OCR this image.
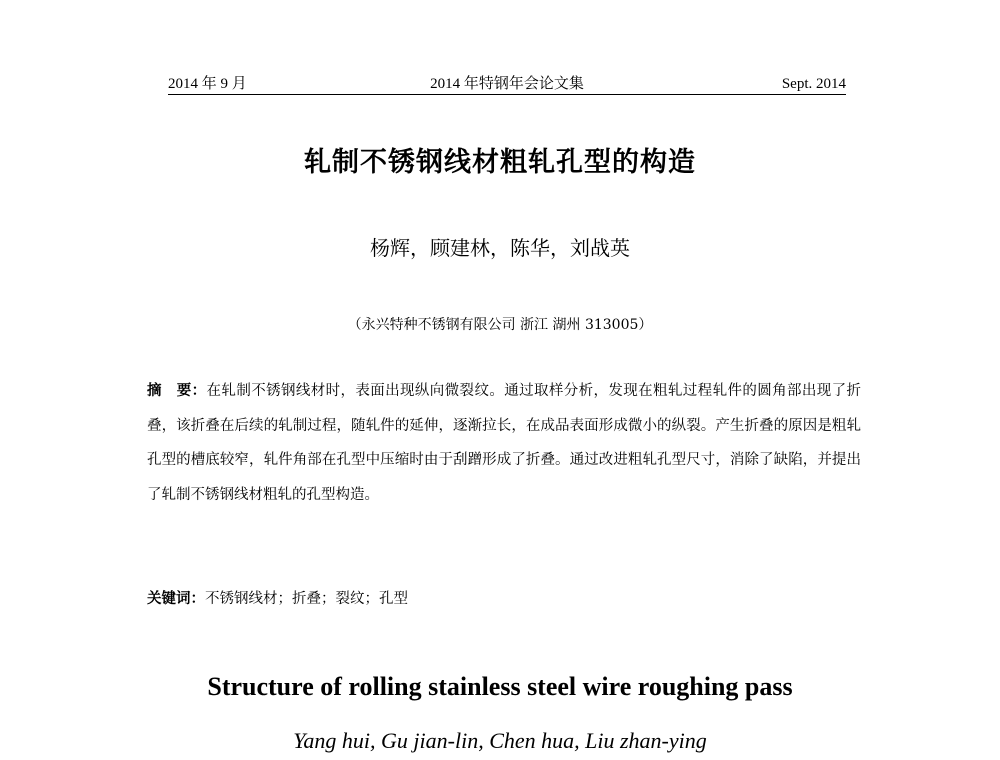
2014 年 9 月	2014 年特钢年会论文集	Sept. 2014
轧制不锈钢线材粗轧孔型的构造
杨辉，顾建林，陈华，刘战英
（永兴特种不锈钢有限公司 浙江 湖州 313005）
摘　要：在轧制不锈钢线材时，表面出现纵向微裂纹。通过取样分析，发现在粗轧过程轧件的圆角部出现了折叠，该折叠在后续的轧制过程，随轧件的延伸，逐渐拉长，在成品表面形成微小的纵裂。产生折叠的原因是粗轧孔型的槽底较窄，轧件角部在孔型中压缩时由于刮蹭形成了折叠。通过改进粗轧孔型尺寸，消除了缺陷，并提出了轧制不锈钢线材粗轧的孔型构造。
关键词：不锈钢线材；折叠；裂纹；孔型
Structure of rolling stainless steel wire roughing pass
Yang hui, Gu jian-lin, Chen hua, Liu zhan-ying
